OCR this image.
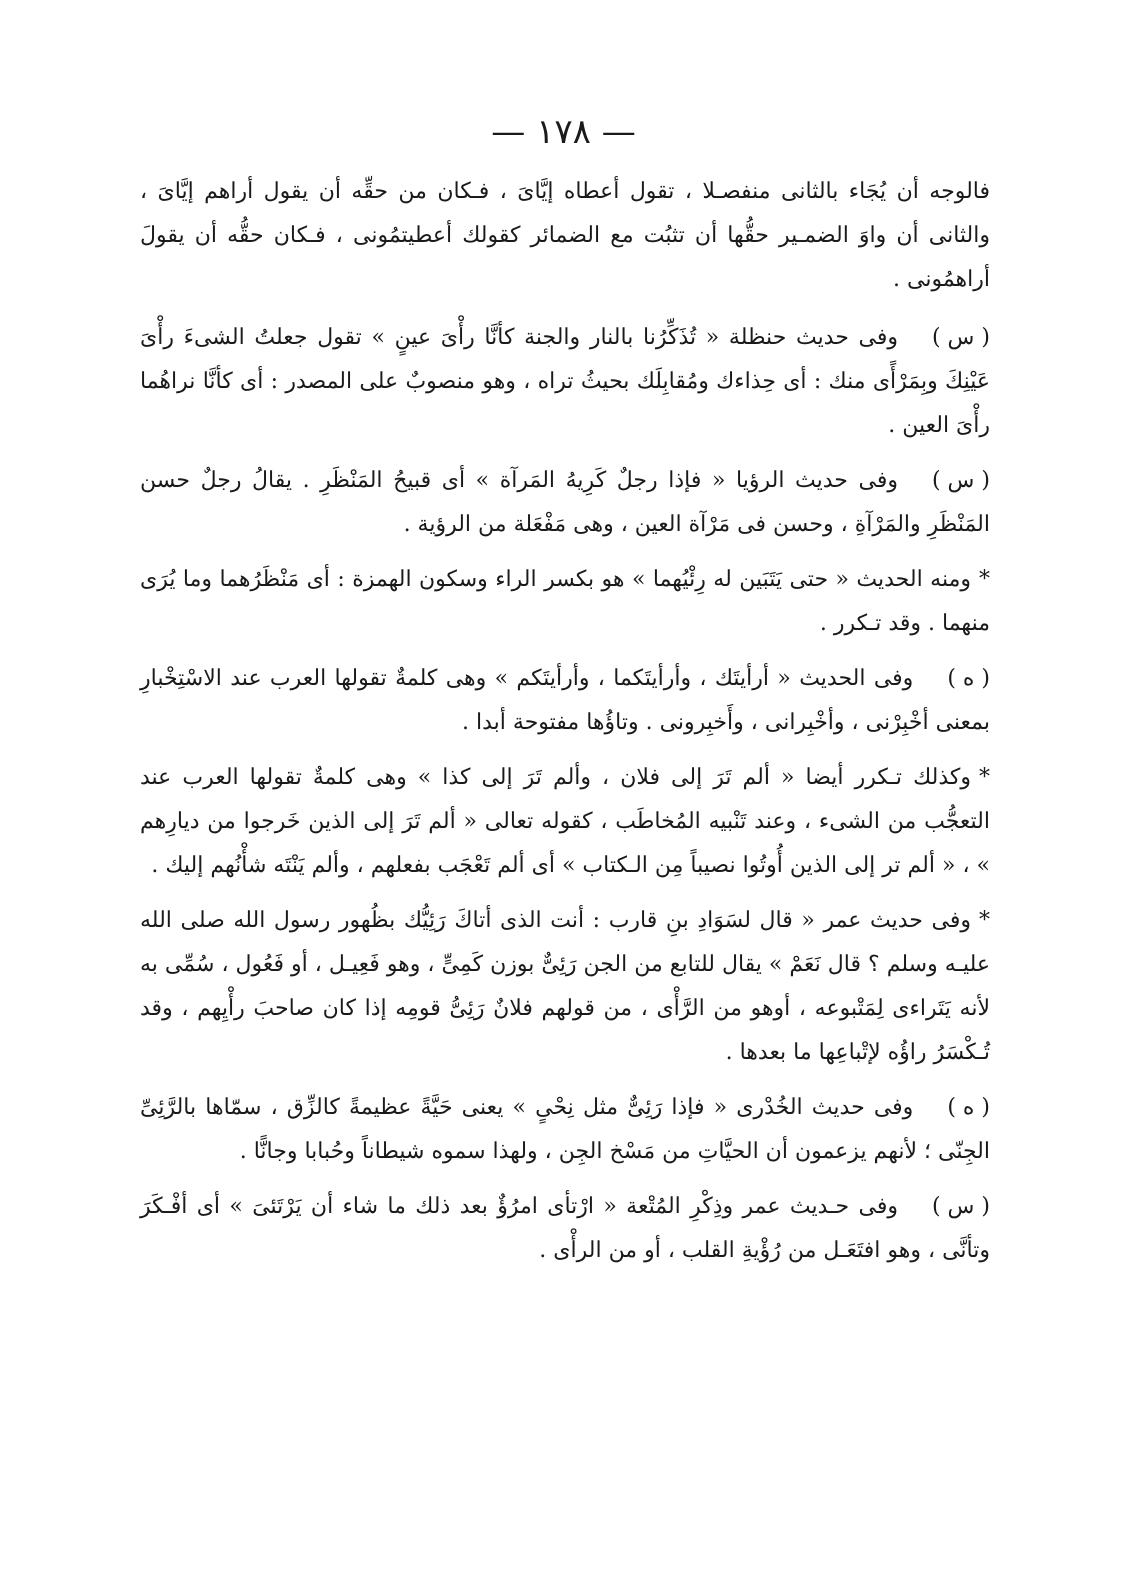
— ١٧٨ —

فالوجه أن يُجَاء بالثانى منفصـلا ، تقول أعطاه إيَّاىَ ، فـكان من حقِّه أن يقول أراهم إيَّاىَ ، والثانى أن واوَ الضمـير حقُّها أن تثبُت مع الضمائر كقولك أعطيتمُونى ، فـكان حقُّه أن يقولَ أراهمُونى .

( س )وفى حديث حنظلة « تُذَكِّرُنا بالنار والجنة كأنَّا رأْىَ عينٍ » تقول جعلتُ الشىءَ رأْىَ عَيْنِكَ وبِمَرْأًى منك : أى حِذاءك ومُقابِلَك بحيثُ تراه ، وهو منصوبٌ على المصدر : أى كأنَّا نراهُما رأْىَ العين .

( س )وفى حديث الرؤيا « فإذا رجلٌ كَرِيهُ المَرآة » أى قبيحُ المَنْظَرِ . يقالُ رجلٌ حسن المَنْظَرِ والمَرْآةِ ، وحسن فى مَرْآة العين ، وهى مَفْعَلة من الرؤية .

*ومنه الحديث « حتى يَتَبَين له رِئْيُهما » هو بكسر الراء وسكون الهمزة : أى مَنْظَرُهما وما يُرَى منهما . وقد تـكرر .

( ه )وفى الحديث « أرأيتَك ، وأرأيتَكما ، وأرأيتَكم » وهى كلمةٌ تقولها العرب عند الاسْتِخْبارِ بمعنى أخْبِرْنى ، وأخْبِرانى ، وأَخبِرونى . وتاؤُها مفتوحة أبدا .

*وكذلك تـكرر أيضا « ألم تَرَ إلى فلان ، وألم تَرَ إلى كذا » وهى كلمةٌ تقولها العرب عند التعجُّب من الشىء ، وعند تَنْبيه المُخاطَب ، كقوله تعالى « ألم تَرَ إلى الذين خَرجوا من ديارِهم » ، « ألم تر إلى الذين أُوتُوا نصيباً مِن الـكتاب » أى ألم تَعْجَب بفعلهم ، وألم يَنْتَه شأْنُهم إليك .

*وفى حديث عمر « قال لسَوَادِ بنِ قارب : أنت الذى أتاكَ رَئِيُّك بظُهور رسول الله صلى الله عليـه وسلم ؟ قال نَعَمْ » يقال للتابع من الجن رَئِىٌّ بوزن كَمِىٍّ ، وهو فَعِيـل ، أو فَعُول ، سُمِّى به لأنه يَتَراءى لِمَتْبوعه ، أوهو من الرَّأْى ، من قولهم فلانٌ رَئِىُّ قومِه إذا كان صاحبَ رأْيِهم ، وقد تُـكْسَرُ راؤُه لإتْباعِها ما بعدها .

( ه )وفى حديث الخُدْرى « فإذا رَئِىٌّ مثل نِحْىٍ » يعنى حَيَّةً عظيمةً كالزِّق ، سمّاها بالرَّئِىِّ الجِنّى ؛ لأنهم يزعمون أن الحيَّاتِ من مَسْخ الجِن ، ولهذا سموه شيطاناً وحُبابا وجانًّا .

( س )وفى حـديث عمر وذِكْرِ المُتْعة « ارْتأى امرُؤٌ بعد ذلك ما شاء أن يَرْتَئىَ » أى أفْـكَرَ وتأنَّى ، وهو افتَعَـل من رُؤْيةِ القلب ، أو من الرأْى .
